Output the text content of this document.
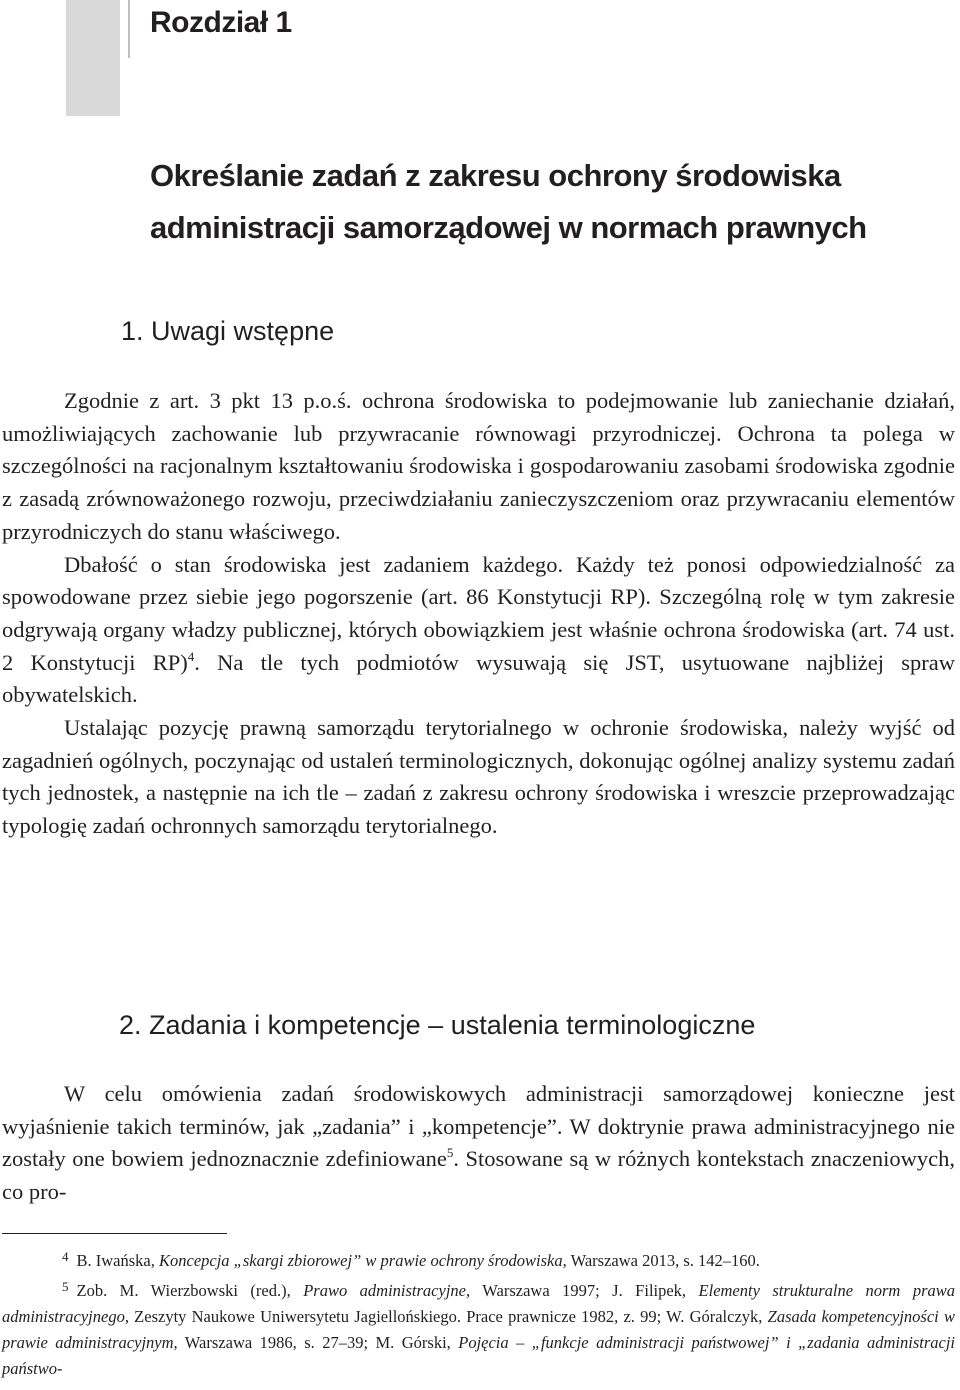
Rozdział 1
Określanie zadań z zakresu ochrony środowiska
administracji samorządowej w normach prawnych
1. Uwagi wstępne

Zgodnie z art. 3 pkt 13 p.o.ś. ochrona środowiska to podejmowanie lub zaniechanie działań, umożliwiających zachowanie lub przywracanie równowagi przyrodniczej. Ochrona ta polega w szczególności na racjonalnym kształtowaniu środowiska i gospodarowaniu zasobami środowiska zgodnie z zasadą zrównoważonego rozwoju, przeciwdziałaniu zanieczyszczeniom oraz przywracaniu elementów przyrodniczych do stanu właściwego.

Dbałość o stan środowiska jest zadaniem każdego. Każdy też ponosi odpowiedzialność za spowodowane przez siebie jego pogorszenie (art. 86 Konstytucji RP). Szczególną rolę w tym zakresie odgrywają organy władzy publicznej, których obowiązkiem jest właśnie ochrona środowiska (art. 74 ust. 2 Konstytucji RP)$^4$. Na tle tych podmiotów wysuwają się JST, usytuowane najbliżej spraw obywatelskich.

Ustalając pozycję prawną samorządu terytorialnego w ochronie środowiska, należy wyjść od zagadnień ogólnych, poczynając od ustaleń terminologicznych, dokonując ogólnej analizy systemu zadań tych jednostek, a następnie na ich tle – zadań z zakresu ochrony środowiska i wreszcie przeprowadzając typologię zadań ochronnych samorządu terytorialnego.

2. Zadania i kompetencje – ustalenia terminologiczne

W celu omówienia zadań środowiskowych administracji samorządowej konieczne jest wyjaśnienie takich terminów, jak „zadania” i „kompetencje”. W doktrynie prawa administracyjnego nie zostały one bowiem jednoznacznie zdefiniowane$^5$. Stosowane są w różnych kontekstach znaczeniowych, co pro-

$^4$ B. Iwańska, Koncepcja „skargi zbiorowej” w prawie ochrony środowiska, Warszawa 2013, s. 142–160.

$^5$ Zob. M. Wierzbowski (red.), Prawo administracyjne, Warszawa 1997; J. Filipek, Elementy strukturalne norm prawa administracyjnego, Zeszyty Naukowe Uniwersytetu Jagiellońskiego. Prace prawnicze 1982, z. 99; W. Góralczyk, Zasada kompetencyjności w prawie administracyjnym, Warszawa 1986, s. 27–39; M. Górski, Pojęcia – „funkcje administracji państwowej” i „zadania administracji państwo-
